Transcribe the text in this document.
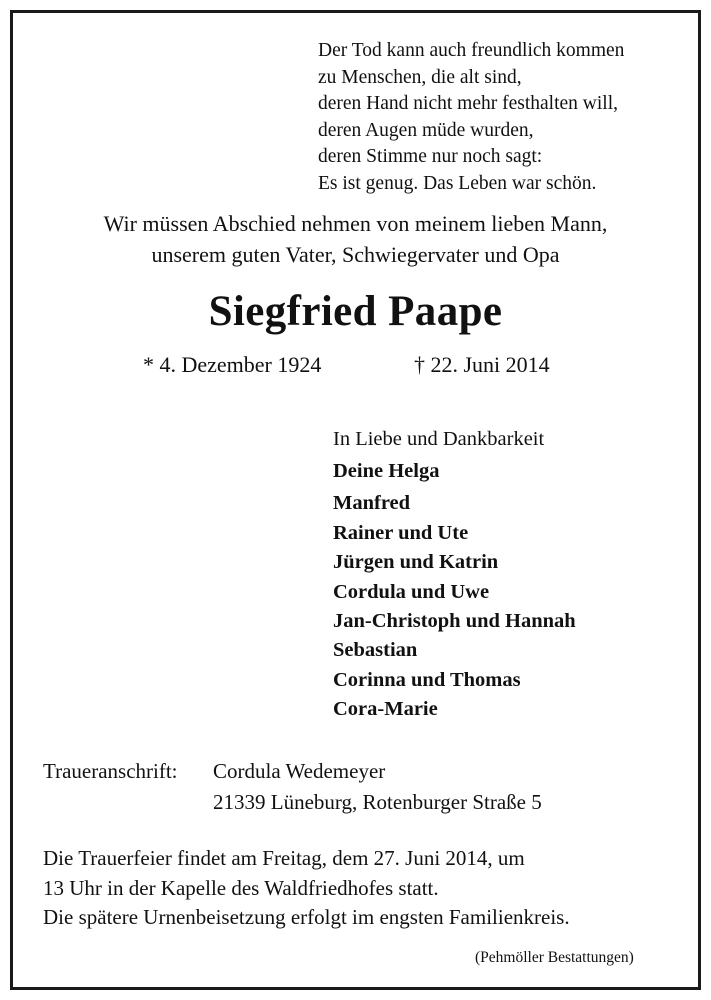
Der Tod kann auch freundlich kommen
zu Menschen, die alt sind,
deren Hand nicht mehr festhalten will,
deren Augen müde wurden,
deren Stimme nur noch sagt:
Es ist genug. Das Leben war schön.
Wir müssen Abschied nehmen von meinem lieben Mann,
unserem guten Vater, Schwiegervater und Opa
Siegfried Paape
* 4. Dezember 1924	† 22. Juni 2014
In Liebe und Dankbarkeit
Deine Helga
Manfred
Rainer und Ute
Jürgen und Katrin
Cordula und Uwe
Jan-Christoph und Hannah
Sebastian
Corinna und Thomas
Cora-Marie
Traueranschrift: Cordula Wedemeyer
21339 Lüneburg, Rotenburger Straße 5
Die Trauerfeier findet am Freitag, dem 27. Juni 2014, um
13 Uhr in der Kapelle des Waldfriedhofes statt.
Die spätere Urnenbeisetzung erfolgt im engsten Familienkreis.
(Pehmöller Bestattungen)
